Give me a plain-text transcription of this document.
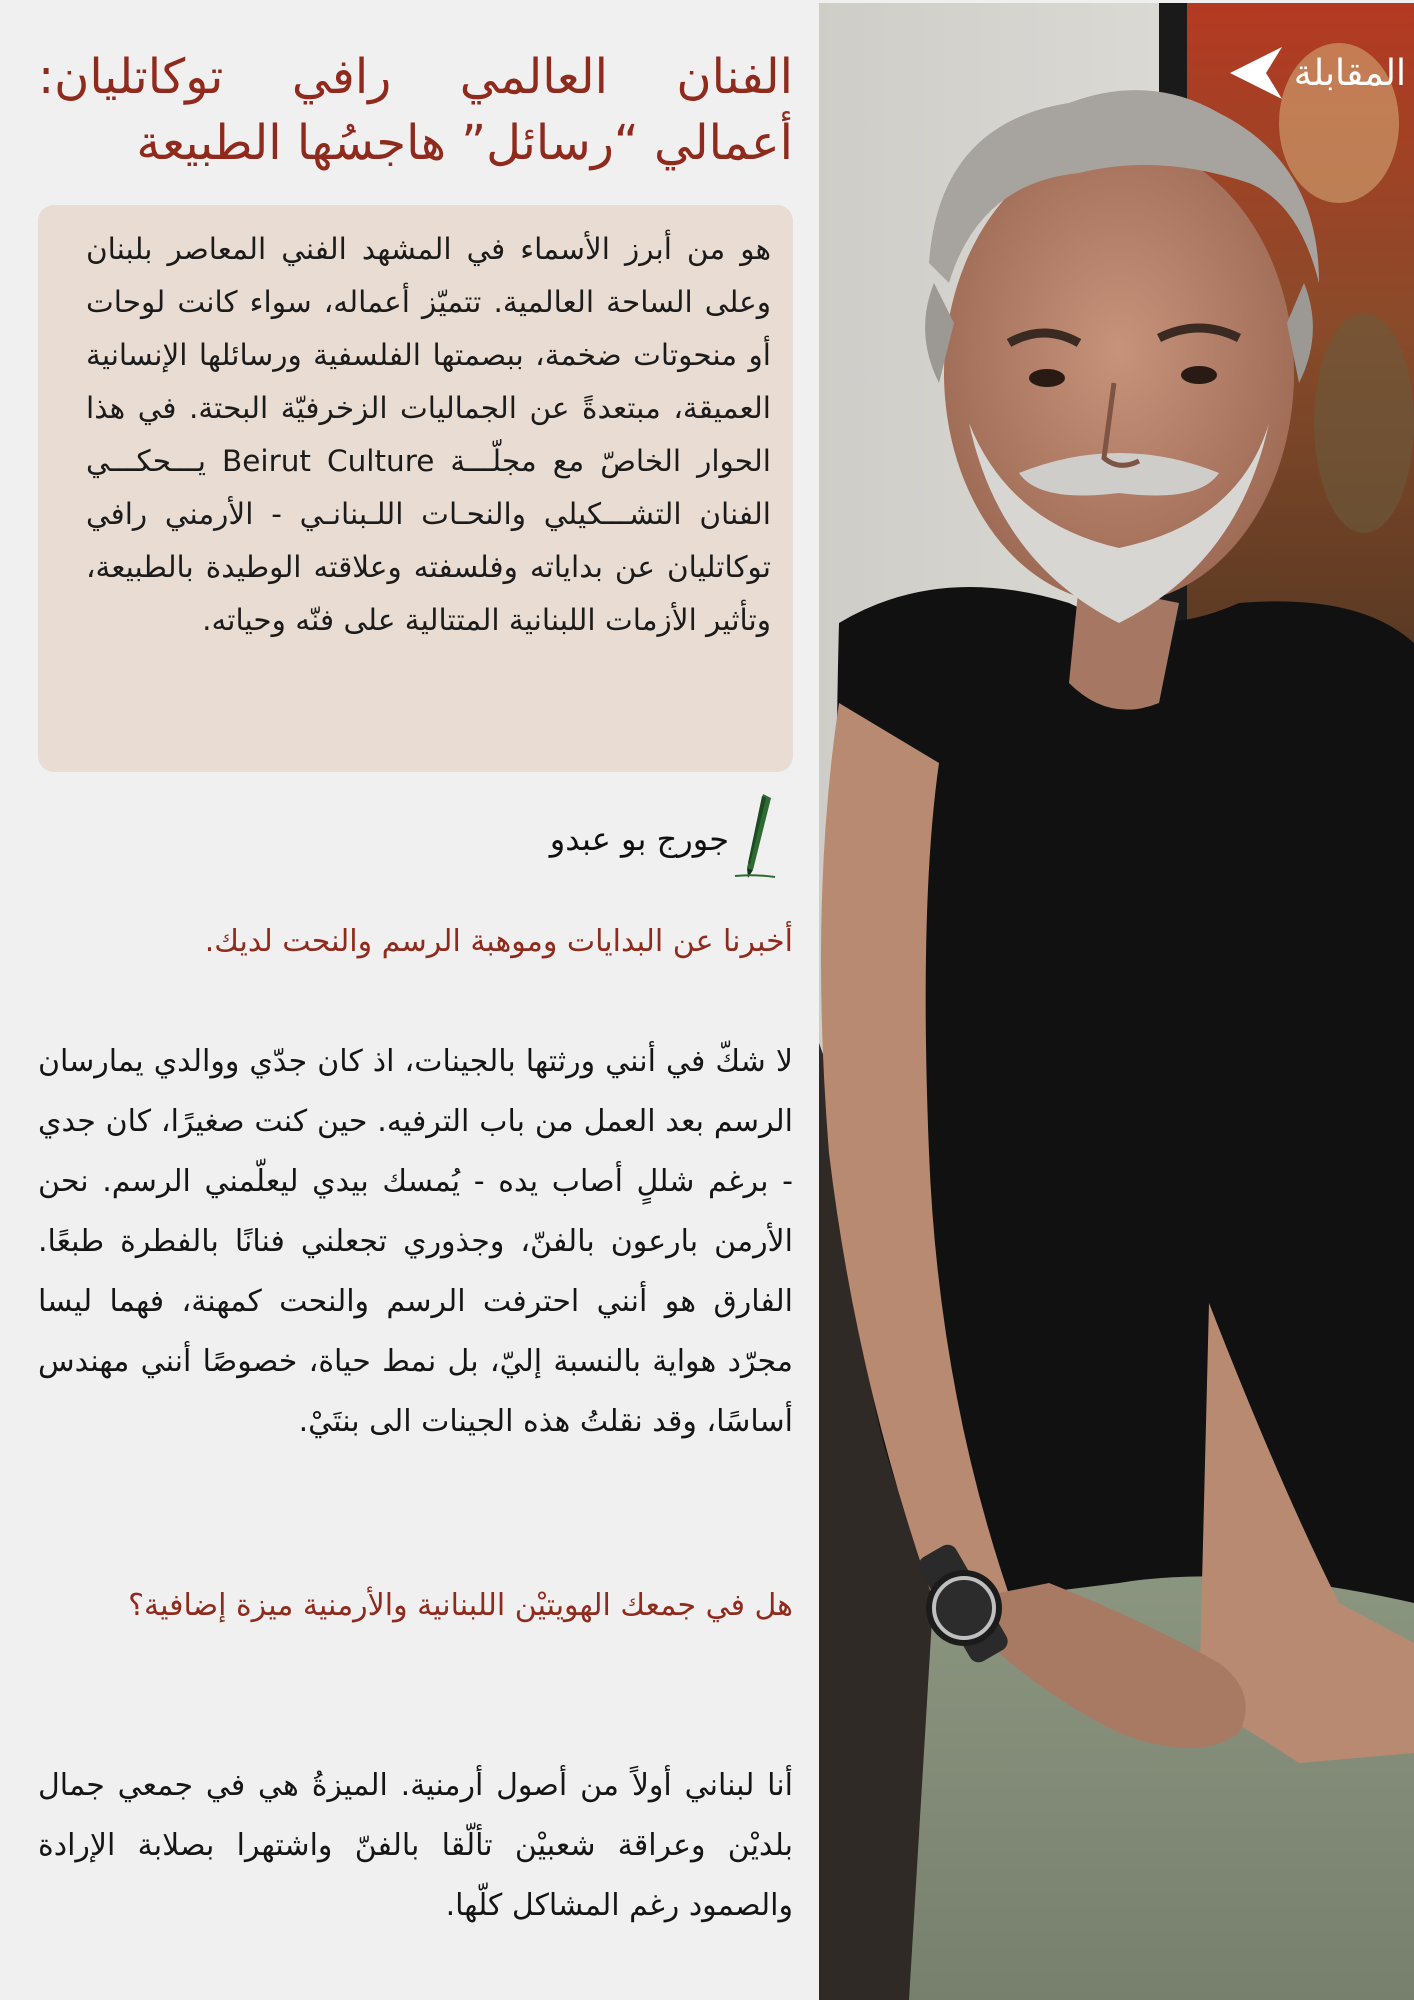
الفنان العالمي رافي توكاتليان:
أعمالي “رسائل” هاجسُها الطبيعة

هو من أبرز الأسماء في المشهد الفني المعاصر بلبنان وعلى الساحة العالمية. تتميّز أعماله، سواء كانت لوحات أو منحوتات ضخمة، ببصمتها الفلسفية ورسائلها الإنسانية العميقة، مبتعدةً عن الجماليات الزخرفيّة البحتة. في هذا الحوار الخاصّ مع مجلّـــة Beirut Culture يـــحكـــي الفنان التشـــكيلي والنحـات اللـبنانـي - الأرمني رافي توكاتليان عن بداياته وفلسفته وعلاقته الوطيدة بالطبيعة، وتأثير الأزمات اللبنانية المتتالية على فنّه وحياته.

جورج بو عبدو
أخبرنا عن البدايات وموهبة الرسم والنحت لديك.

لا شكّ في أنني ورثتها بالجينات، اذ كان جدّي ووالدي يمارسان الرسم بعد العمل من باب الترفيه. حين كنت صغيرًا، كان جدي - برغم شللٍ أصاب يده - يُمسك بيدي ليعلّمني الرسم. نحن الأرمن بارعون بالفنّ، وجذوري تجعلني فنانًا بالفطرة طبعًا. الفارق هو أنني احترفت الرسم والنحت كمهنة، فهما ليسا مجرّد هواية بالنسبة إليّ، بل نمط حياة، خصوصًا أنني مهندس أساسًا، وقد نقلتُ هذه الجينات الى بنتَيْ.

هل في جمعك الهويتيْن اللبنانية والأرمنية ميزة إضافية؟

أنا لبناني أولاً من أصول أرمنية. الميزةُ هي في جمعي جمال بلديْن وعراقة شعبيْن تألّقا بالفنّ واشتهرا بصلابة الإرادة والصمود رغم المشاكل كلّها.

المقابلة
